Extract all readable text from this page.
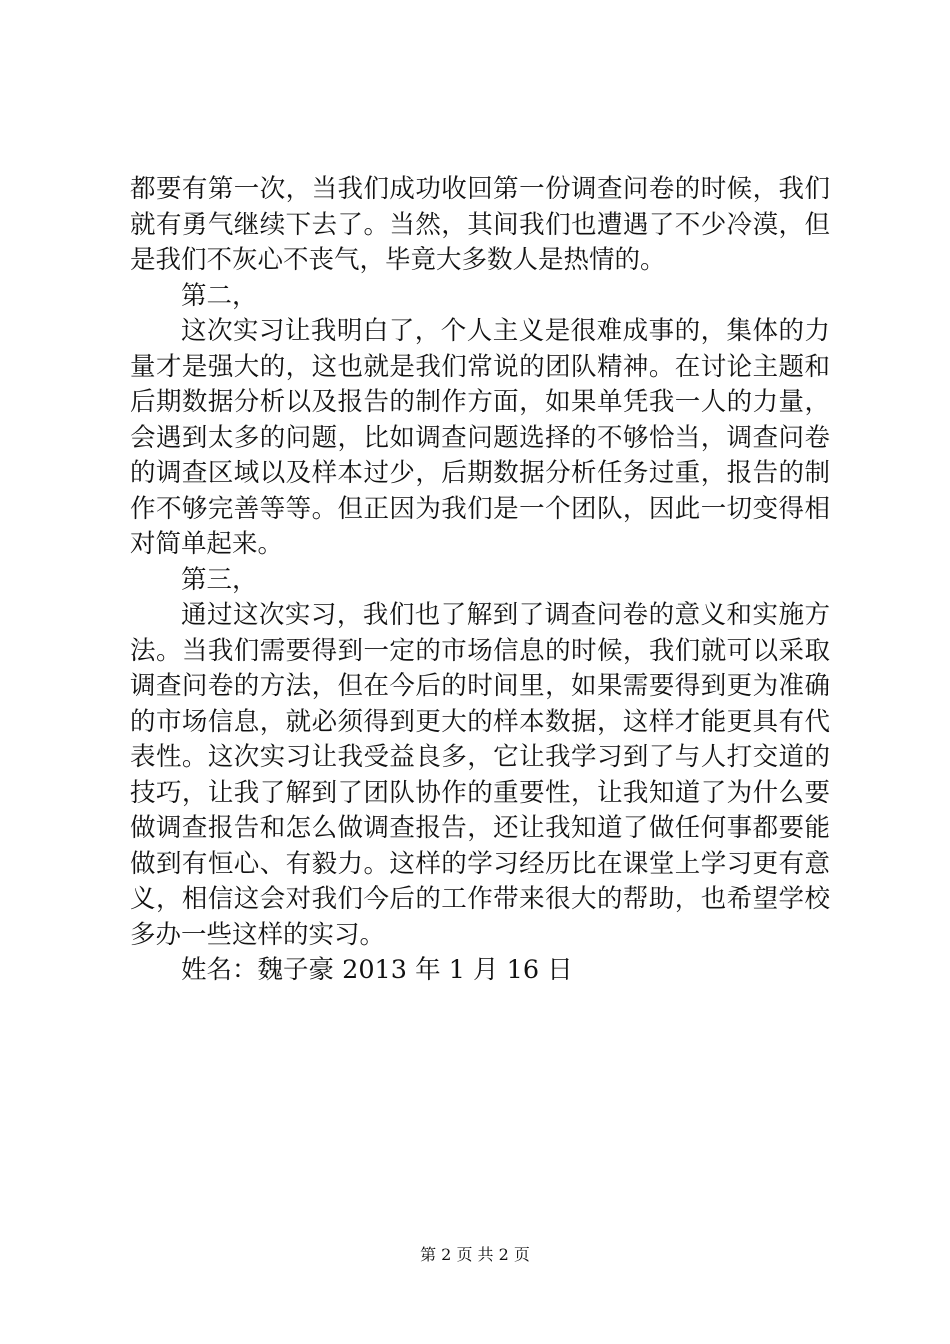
都要有第一次，当我们成功收回第一份调查问卷的时候，我们
就有勇气继续下去了。当然，其间我们也遭遇了不少冷漠，但
是我们不灰心不丧气，毕竟大多数人是热情的。
第二，
这次实习让我明白了，个人主义是很难成事的，集体的力
量才是强大的，这也就是我们常说的团队精神。在讨论主题和
后期数据分析以及报告的制作方面，如果单凭我一人的力量，
会遇到太多的问题，比如调查问题选择的不够恰当，调查问卷
的调查区域以及样本过少，后期数据分析任务过重，报告的制
作不够完善等等。但正因为我们是一个团队，因此一切变得相
对简单起来。
第三，
通过这次实习，我们也了解到了调查问卷的意义和实施方
法。当我们需要得到一定的市场信息的时候，我们就可以采取
调查问卷的方法，但在今后的时间里，如果需要得到更为准确
的市场信息，就必须得到更大的样本数据，这样才能更具有代
表性。这次实习让我受益良多，它让我学习到了与人打交道的
技巧，让我了解到了团队协作的重要性，让我知道了为什么要
做调查报告和怎么做调查报告，还让我知道了做任何事都要能
做到有恒心、有毅力。这样的学习经历比在课堂上学习更有意
义，相信这会对我们今后的工作带来很大的帮助，也希望学校
多办一些这样的实习。
姓名：魏子豪 2013 年 1 月 16 日
第 2 页 共 2 页
